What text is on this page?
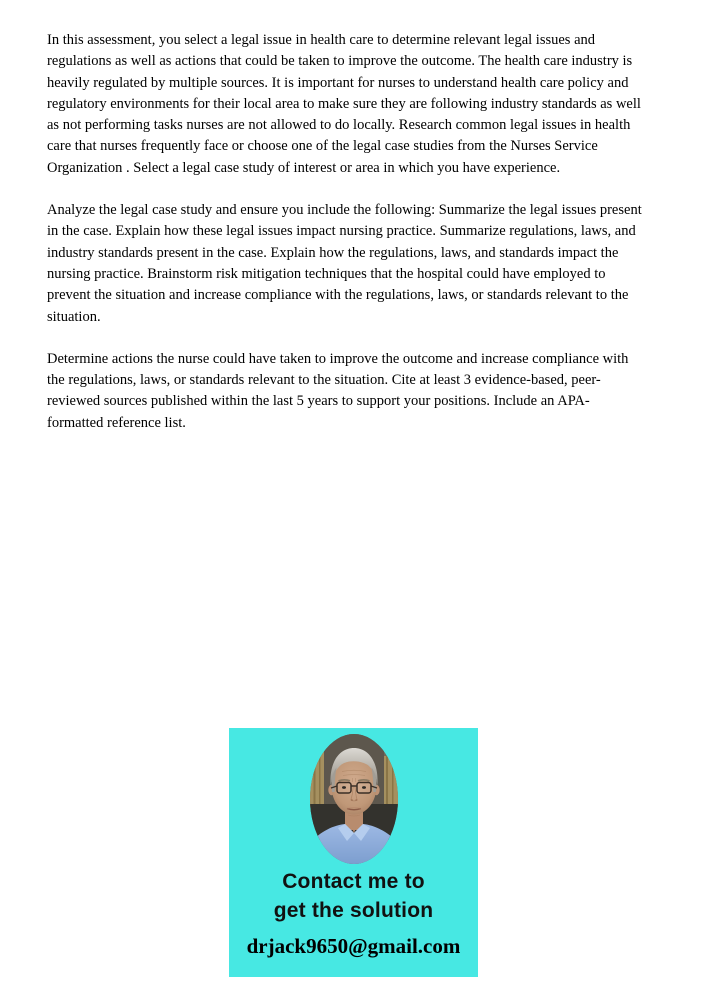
In this assessment, you select a legal issue in health care to determine relevant legal issues and regulations as well as actions that could be taken to improve the outcome. The health care industry is heavily regulated by multiple sources. It is important for nurses to understand health care policy and regulatory environments for their local area to make sure they are following industry standards as well as not performing tasks nurses are not allowed to do locally. Research common legal issues in health care that nurses frequently face or choose one of the legal case studies from the Nurses Service Organization . Select a legal case study of interest or area in which you have experience.

Analyze the legal case study and ensure you include the following: Summarize the legal issues present in the case. Explain how these legal issues impact nursing practice. Summarize regulations, laws, and industry standards present in the case. Explain how the regulations, laws, and standards impact the nursing practice. Brainstorm risk mitigation techniques that the hospital could have employed to prevent the situation and increase compliance with the regulations, laws, or standards relevant to the situation.

Determine actions the nurse could have taken to improve the outcome and increase compliance with the regulations, laws, or standards relevant to the situation. Cite at least 3 evidence-based, peer-reviewed sources published within the last 5 years to support your positions. Include an APA-formatted reference list.

Contact me to
get the solution
drjack9650@gmail.com
